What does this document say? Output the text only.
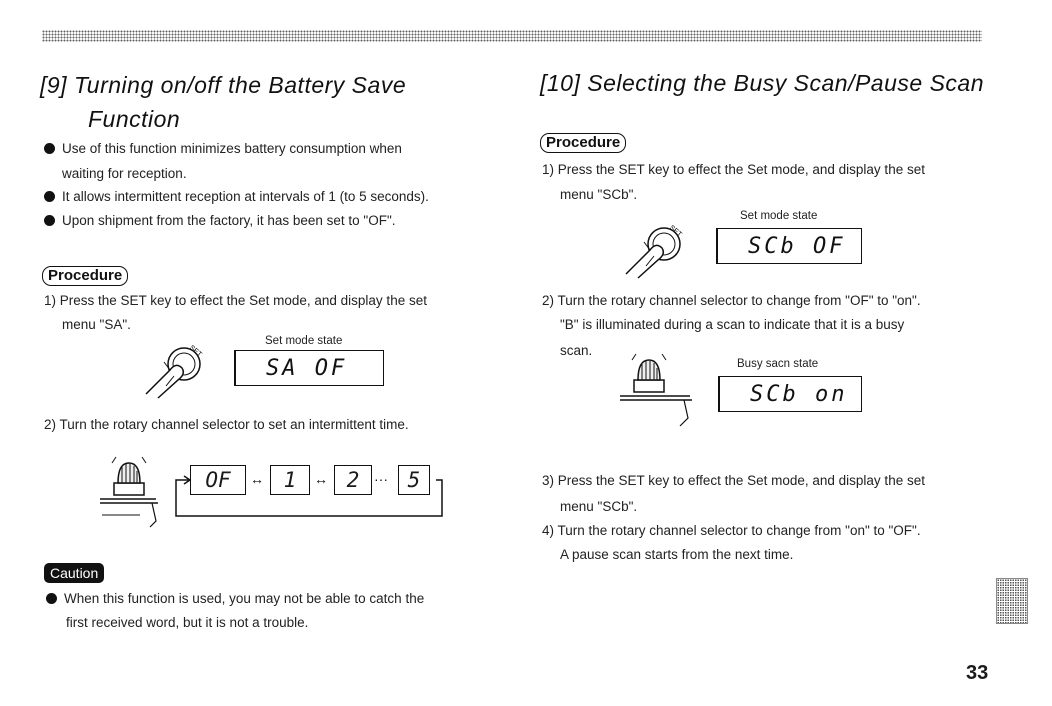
[9] Turning on/off the Battery Save
Function

Use of this function minimizes battery consumption when

waiting for reception.

It allows intermittent reception at intervals of 1 (to 5 seconds).

Upon shipment from the factory, it has been set to "OF".

Procedure

1) Press the SET key to effect the Set mode, and display the set

menu "SA".

Set mode state
SET
SA OF

2) Turn the rotary channel selector to set an intermittent time.

OF	↔ 1	↔ 2	··· 5
Caution

When this function is used, you may not be able to catch the

first received word, but it is not a trouble.

[10] Selecting the Busy Scan/Pause Scan
Procedure

1) Press the SET key to effect the Set mode, and display the set

menu "SCb".

Set mode state
SET
SCb OF

2) Turn the rotary channel selector to change from "OF" to "on".

"B" is illuminated during a scan to indicate that it is a busy

scan.

Busy sacn state
SCb on

3) Press the SET key to effect the Set mode, and display the set

menu "SCb".

4) Turn the rotary channel selector to change from "on" to "OF".

A pause scan starts from the next time.

33
